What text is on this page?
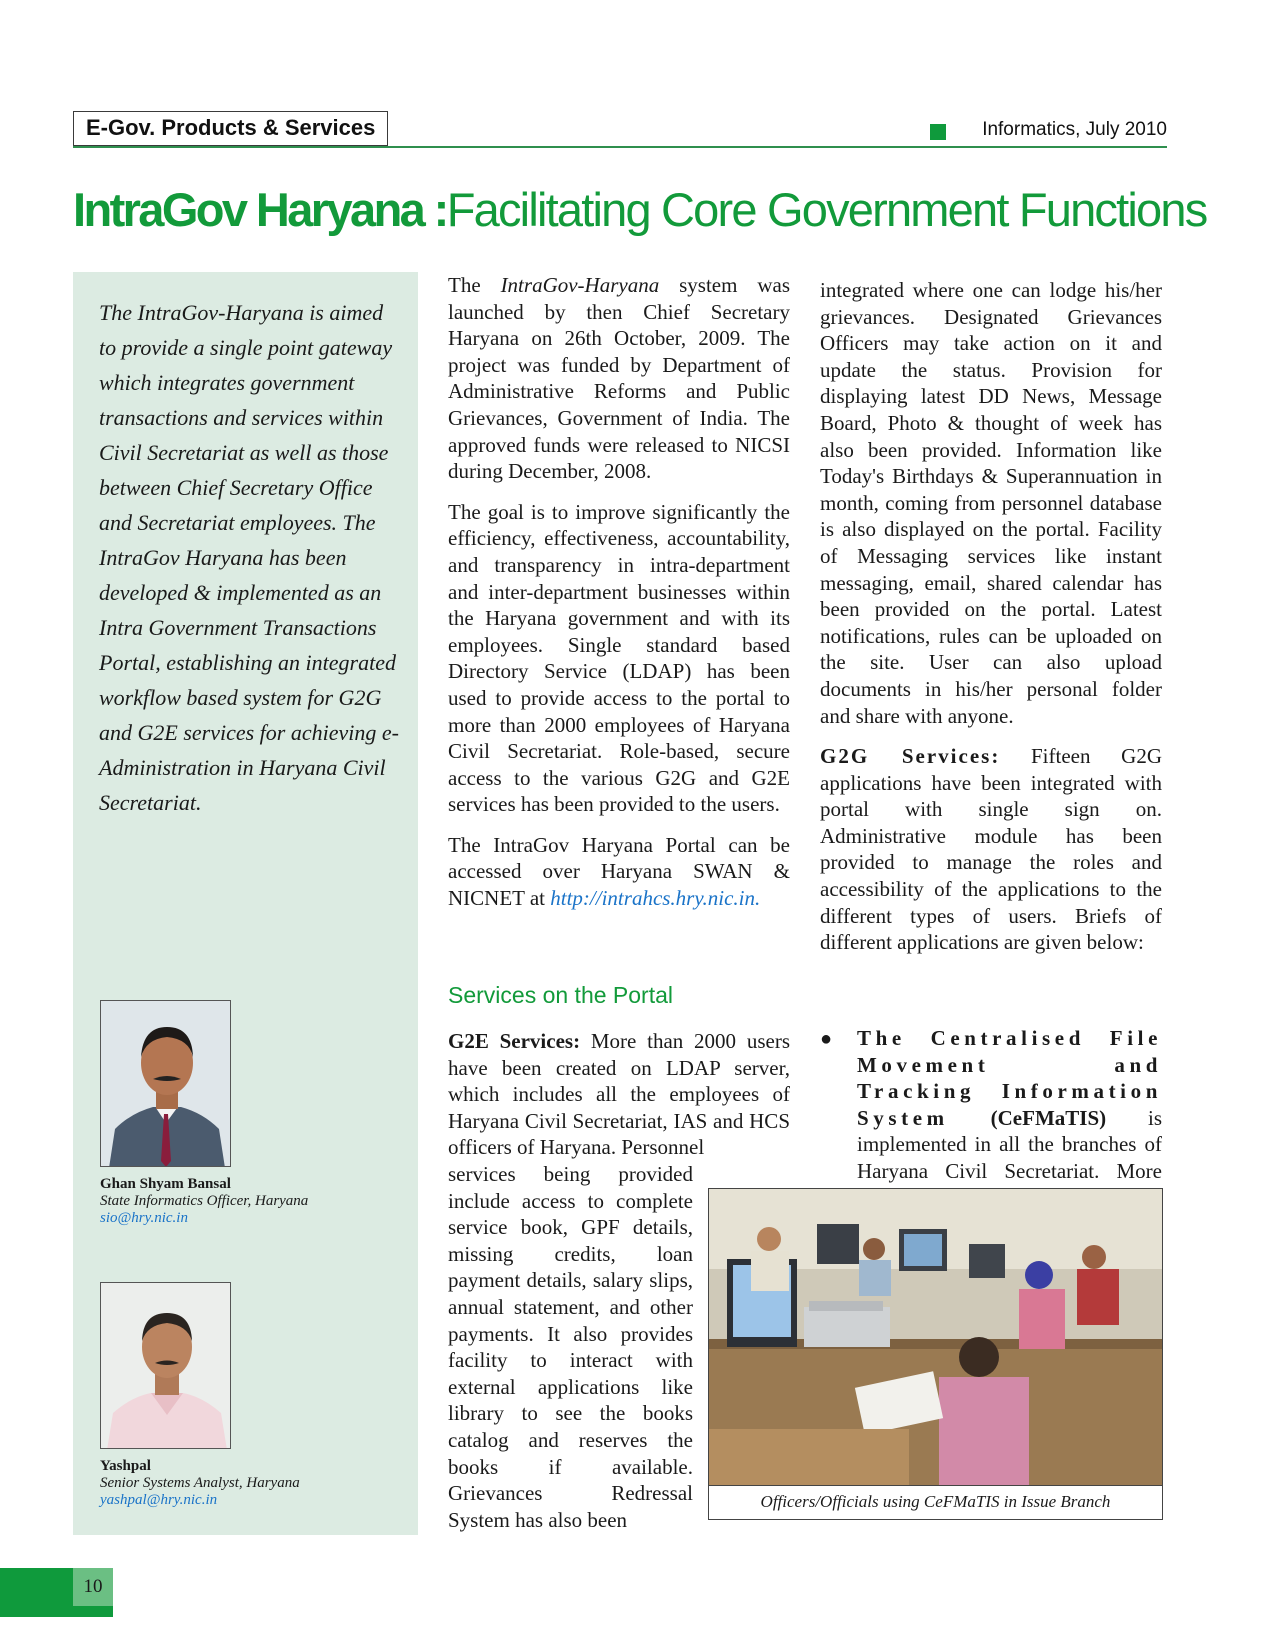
E-Gov. Products & Services	Informatics, July 2010
IntraGov Haryana :Facilitating Core Government Functions
The IntraGov-Haryana is aimed to provide a single point gateway which integrates government transactions and services within Civil Secretariat as well as those between Chief Secretary Office and Secretariat employees. The IntraGov Haryana has been developed & implemented as an Intra Government Transactions Portal, establishing an integrated workflow based system for G2G and G2E services for achieving e-Administration in Haryana Civil Secretariat.
Ghan Shyam Bansal
State Informatics Officer, Haryana
sio@hry.nic.in
Yashpal
Senior Systems Analyst, Haryana
yashpal@hry.nic.in

The IntraGov-Haryana system was launched by then Chief Secretary Haryana on 26th October, 2009. The project was funded by Department of Administrative Reforms and Public Grievances, Government of India. The approved funds were released to NICSI during December, 2008.

The goal is to improve significantly the efficiency, effectiveness, accountability, and transparency in intra-department and inter-department businesses within the Haryana government and with its employees. Single standard based Directory Service (LDAP) has been used to provide access to the portal to more than 2000 employees of Haryana Civil Secretariat. Role-based, secure access to the various G2G and G2E services has been provided to the users.

The IntraGov Haryana Portal can be accessed over Haryana SWAN & NICNET at http://intrahcs.hry.nic.in.

Services on the Portal
G2E Services: More than 2000 users have been created on LDAP server, which includes all the employees of Haryana Civil Secretariat, IAS and HCS officers of Haryana. Personnel
services being provided include access to complete service book, GPF details, missing credits, loan payment details, salary slips, annual statement, and other payments. It also provides facility to interact with external applications like library to see the books catalog and reserves the books if available. Grievances Redressal System has also been

integrated where one can lodge his/her grievances. Designated Grievances Officers may take action on it and update the status. Provision for displaying latest DD News, Message Board, Photo & thought of week has also been provided. Information like Today's Birthdays & Superannuation in month, coming from personnel database is also displayed on the portal. Facility of Messaging services like instant messaging, email, shared calendar has been provided on the portal. Latest notifications, rules can be uploaded on the site. User can also upload documents in his/her personal folder and share with anyone.

G2G Services: Fifteen G2G applications have been integrated with portal with single sign on. Administrative module has been provided to manage the roles and accessibility of the applications to the different types of users. Briefs of different applications are given below:

● The Centralised File Movement and Tracking Information System (CeFMaTIS) is implemented in all the branches of Haryana Civil Secretariat. More
Officers/Officials using CeFMaTIS in Issue Branch
10
